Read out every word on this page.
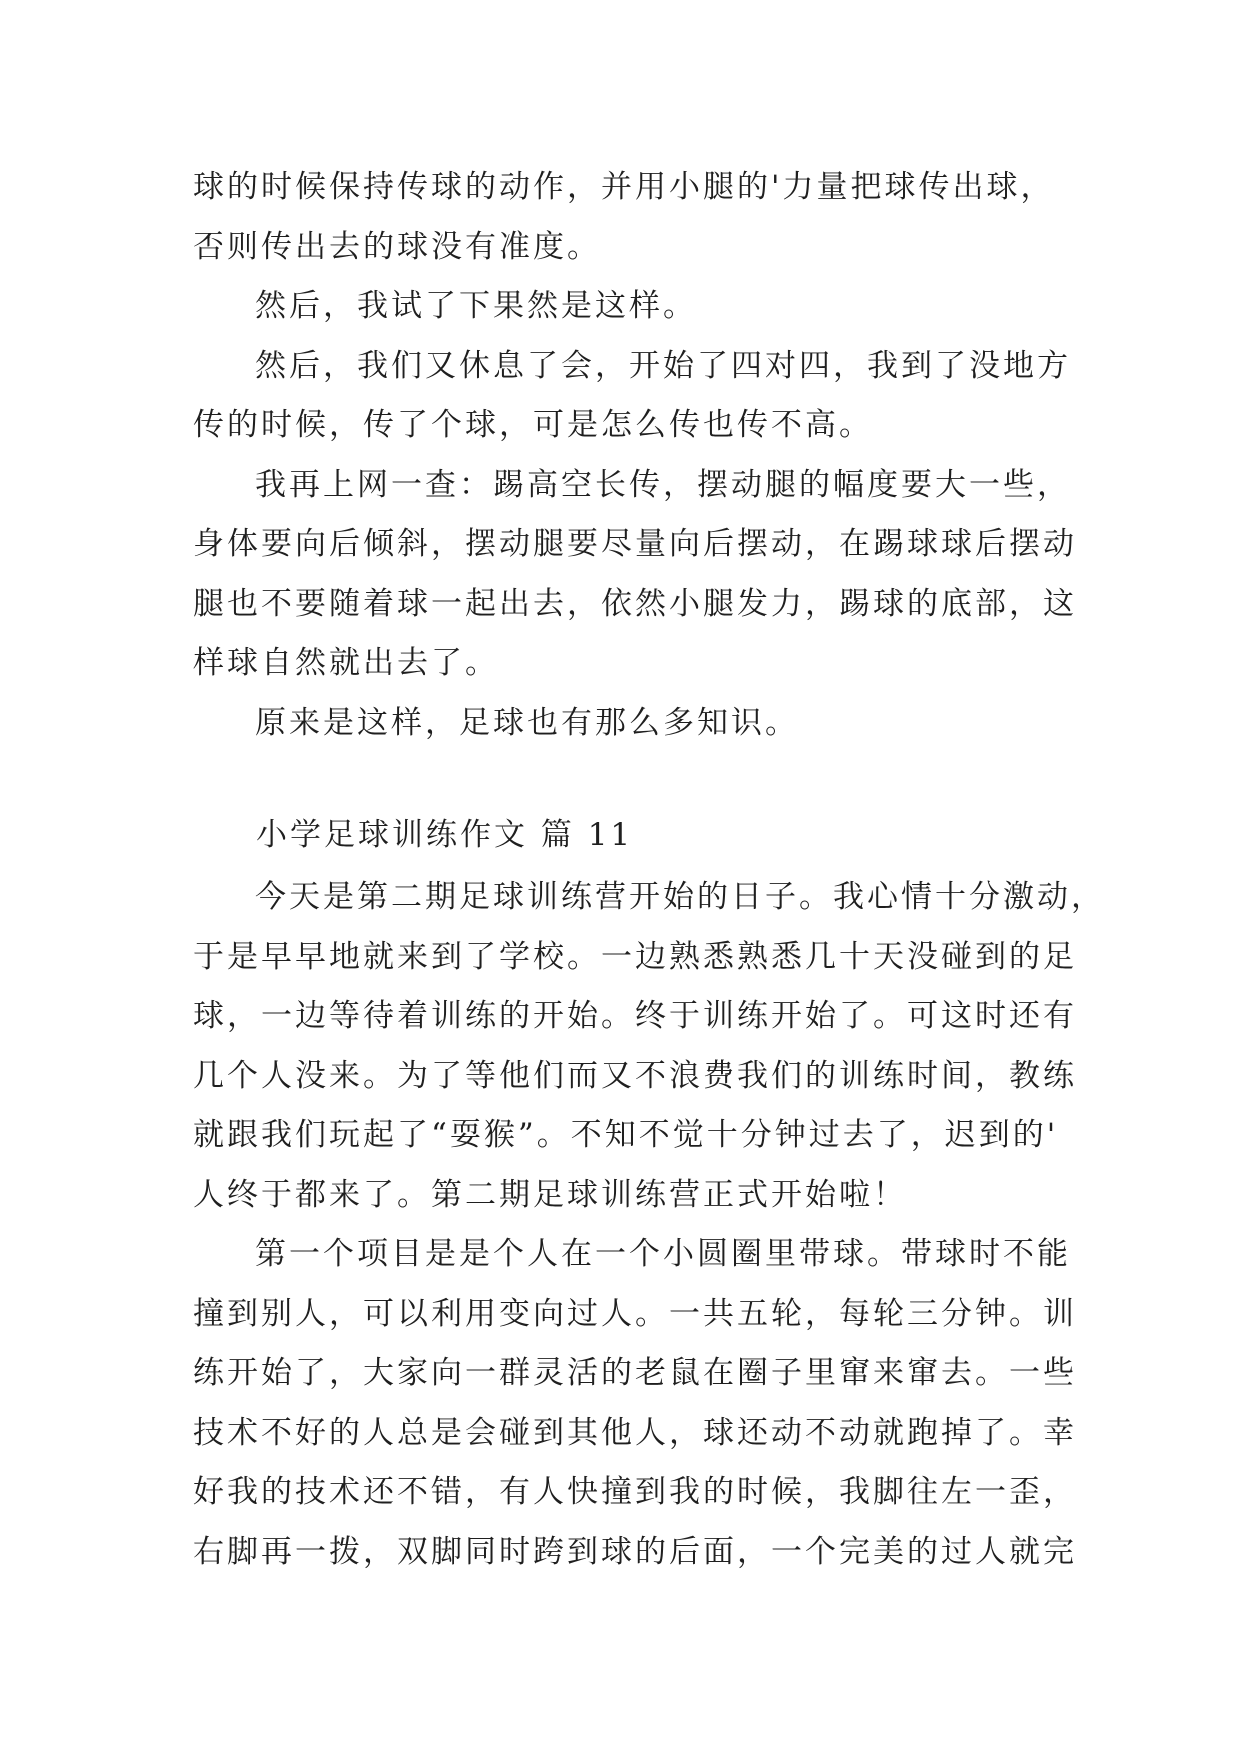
球的时候保持传球的动作，并用小腿的'力量把球传出球，
否则传出去的球没有准度。
然后，我试了下果然是这样。
然后，我们又休息了会，开始了四对四，我到了没地方
传的时候，传了个球，可是怎么传也传不高。
我再上网一查：踢高空长传，摆动腿的幅度要大一些，
身体要向后倾斜，摆动腿要尽量向后摆动，在踢球球后摆动
腿也不要随着球一起出去，依然小腿发力，踢球的底部，这
样球自然就出去了。
原来是这样，足球也有那么多知识。
小学足球训练作文 篇 11
今天是第二期足球训练营开始的日子。我心情十分激动，
于是早早地就来到了学校。一边熟悉熟悉几十天没碰到的足
球，一边等待着训练的开始。终于训练开始了。可这时还有
几个人没来。为了等他们而又不浪费我们的训练时间，教练
就跟我们玩起了“耍猴”。不知不觉十分钟过去了，迟到的'
人终于都来了。第二期足球训练营正式开始啦！
第一个项目是是个人在一个小圆圈里带球。带球时不能
撞到别人，可以利用变向过人。一共五轮，每轮三分钟。训
练开始了，大家向一群灵活的老鼠在圈子里窜来窜去。一些
技术不好的人总是会碰到其他人，球还动不动就跑掉了。幸
好我的技术还不错，有人快撞到我的时候，我脚往左一歪，
右脚再一拨，双脚同时跨到球的后面，一个完美的过人就完
